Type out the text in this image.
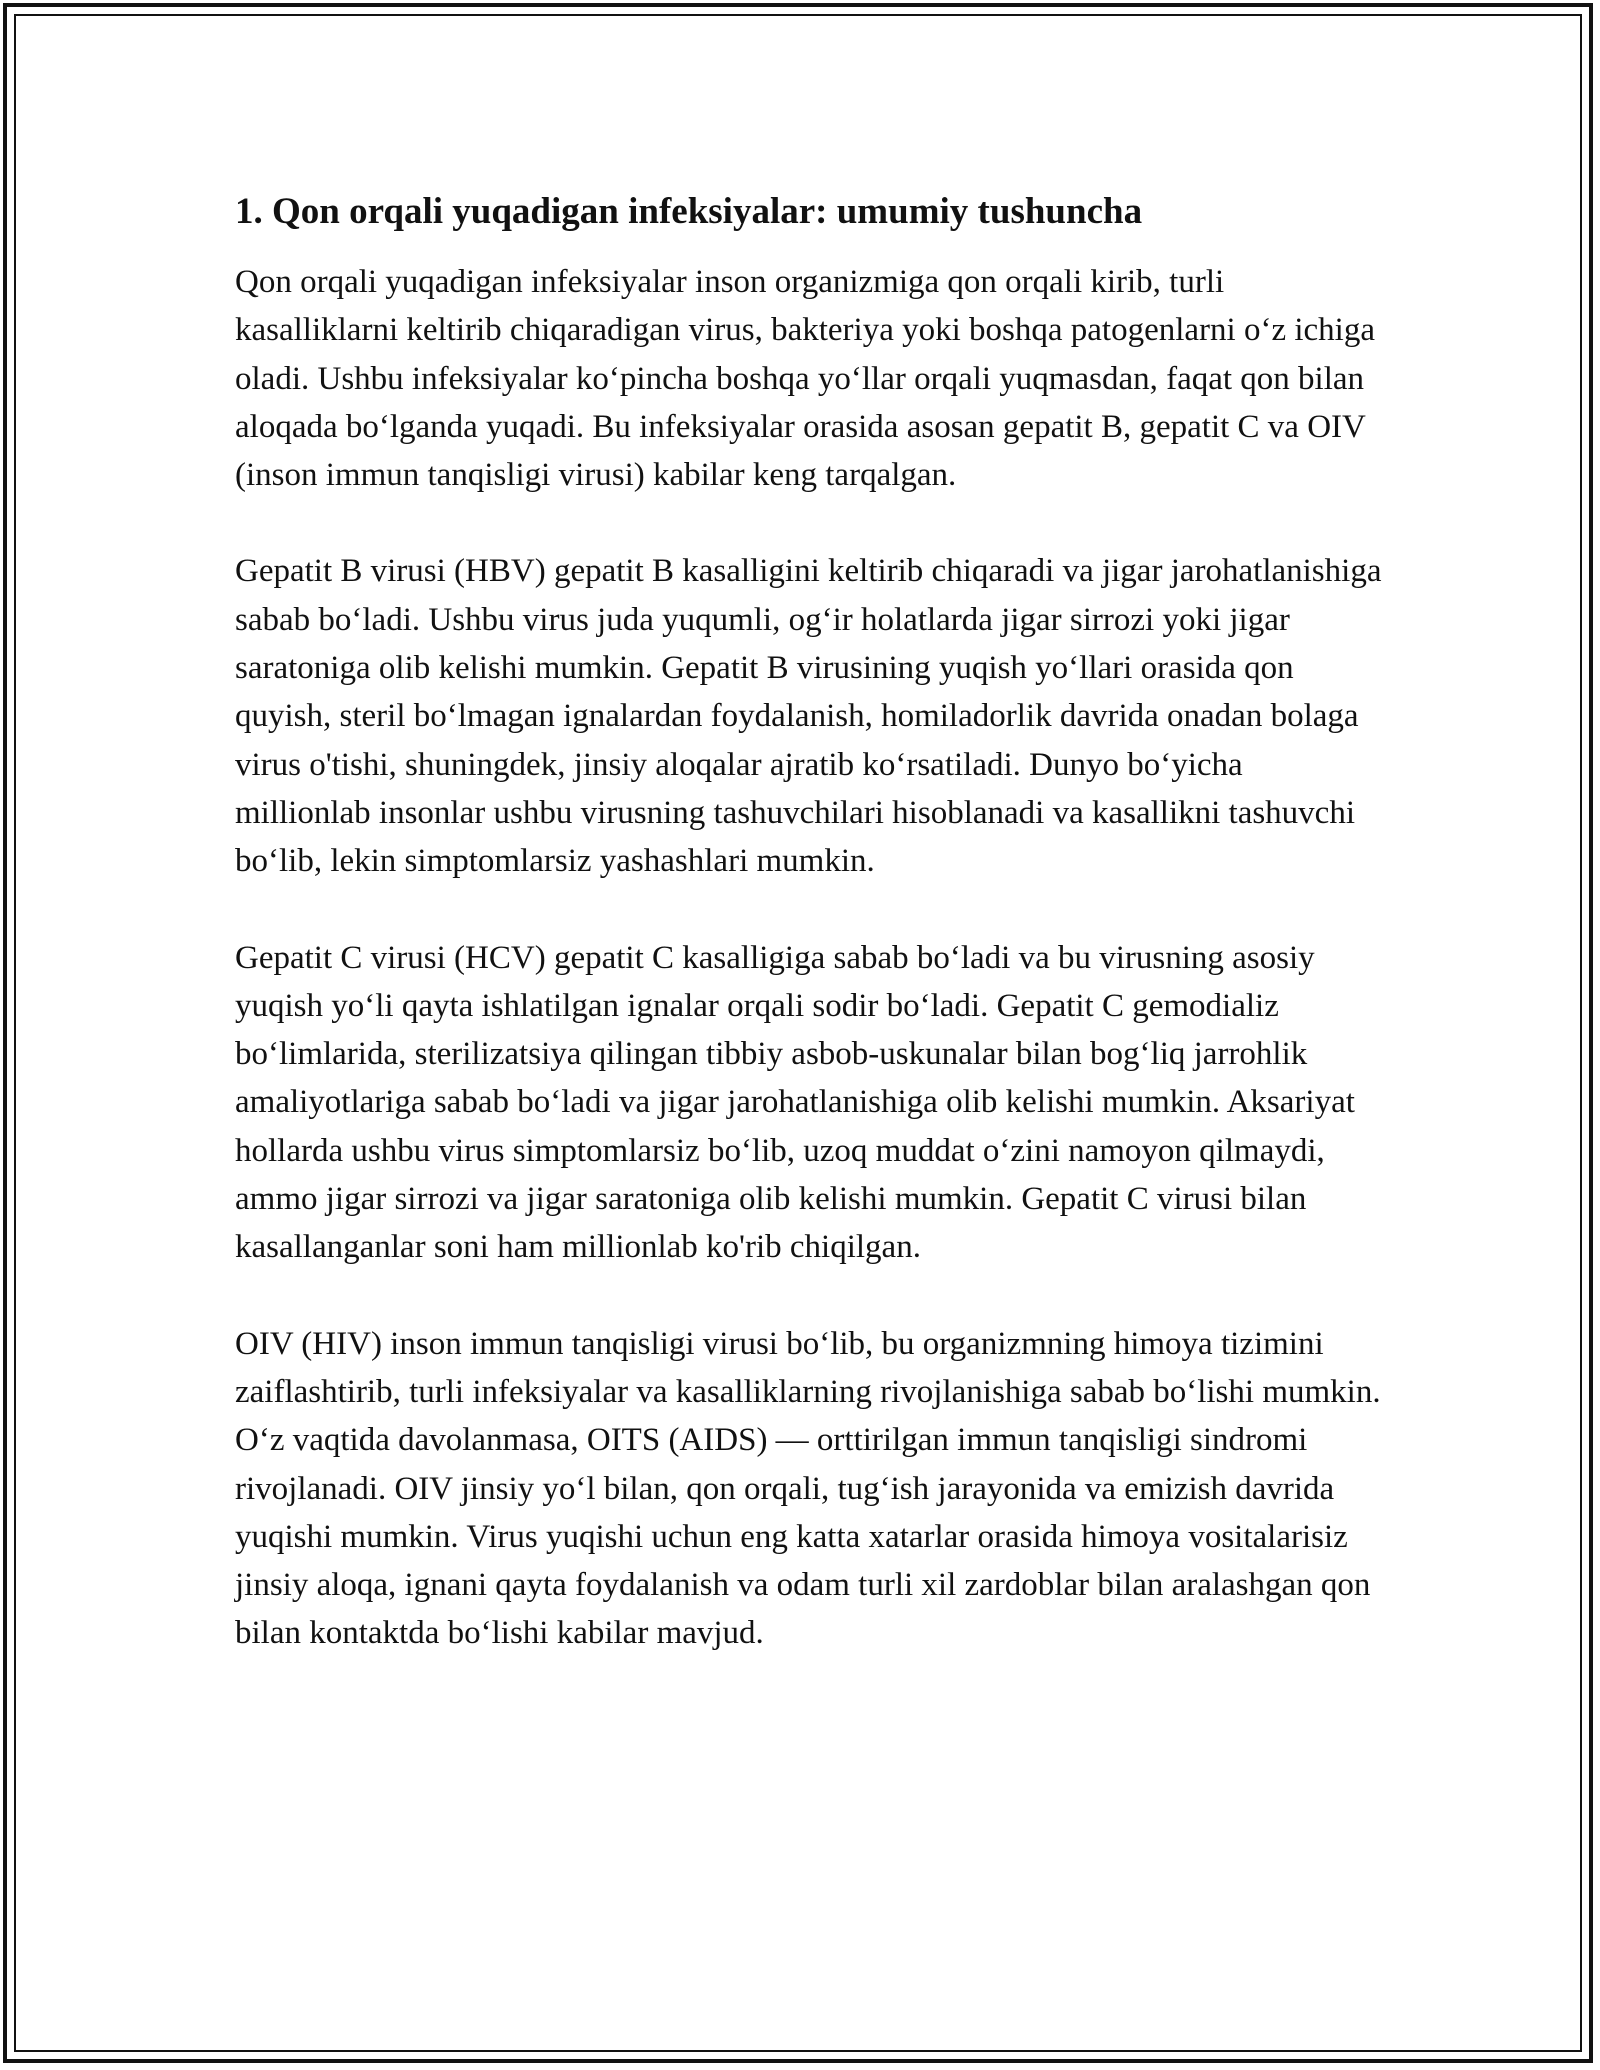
1. Qon orqali yuqadigan infeksiyalar: umumiy tushuncha

Qon orqali yuqadigan infeksiyalar inson organizmiga qon orqali kirib, turli kasalliklarni keltirib chiqaradigan virus, bakteriya yoki boshqa patogenlarni o‘z ichiga oladi. Ushbu infeksiyalar ko‘pincha boshqa yo‘llar orqali yuqmasdan, faqat qon bilan aloqada bo‘lganda yuqadi. Bu infeksiyalar orasida asosan gepatit B, gepatit C va OIV (inson immun tanqisligi virusi) kabilar keng tarqalgan.

Gepatit B virusi (HBV) gepatit B kasalligini keltirib chiqaradi va jigar jarohatlanishiga sabab bo‘ladi. Ushbu virus juda yuqumli, og‘ir holatlarda jigar sirrozi yoki jigar saratoniga olib kelishi mumkin. Gepatit B virusining yuqish yo‘llari orasida qon quyish, steril bo‘lmagan ignalardan foydalanish, homiladorlik davrida onadan bolaga virus o'tishi, shuningdek, jinsiy aloqalar ajratib ko‘rsatiladi. Dunyo bo‘yicha millionlab insonlar ushbu virusning tashuvchilari hisoblanadi va kasallikni tashuvchi bo‘lib, lekin simptomlarsiz yashashlari mumkin.

Gepatit C virusi (HCV) gepatit C kasalligiga sabab bo‘ladi va bu virusning asosiy yuqish yo‘li qayta ishlatilgan ignalar orqali sodir bo‘ladi. Gepatit C gemodializ bo‘limlarida, sterilizatsiya qilingan tibbiy asbob-uskunalar bilan bog‘liq jarrohlik amaliyotlariga sabab bo‘ladi va jigar jarohatlanishiga olib kelishi mumkin. Aksariyat hollarda ushbu virus simptomlarsiz bo‘lib, uzoq muddat o‘zini namoyon qilmaydi, ammo jigar sirrozi va jigar saratoniga olib kelishi mumkin. Gepatit C virusi bilan kasallanganlar soni ham millionlab ko'rib chiqilgan.

OIV (HIV) inson immun tanqisligi virusi bo‘lib, bu organizmning himoya tizimini zaiflashtirib, turli infeksiyalar va kasalliklarning rivojlanishiga sabab bo‘lishi mumkin. O‘z vaqtida davolanmasa, OITS (AIDS) — orttirilgan immun tanqisligi sindromi rivojlanadi. OIV jinsiy yo‘l bilan, qon orqali, tug‘ish jarayonida va emizish davrida yuqishi mumkin. Virus yuqishi uchun eng katta xatarlar orasida himoya vositalarisiz jinsiy aloqa, ignani qayta foydalanish va odam turli xil zardoblar bilan aralashgan qon bilan kontaktda bo‘lishi kabilar mavjud.
